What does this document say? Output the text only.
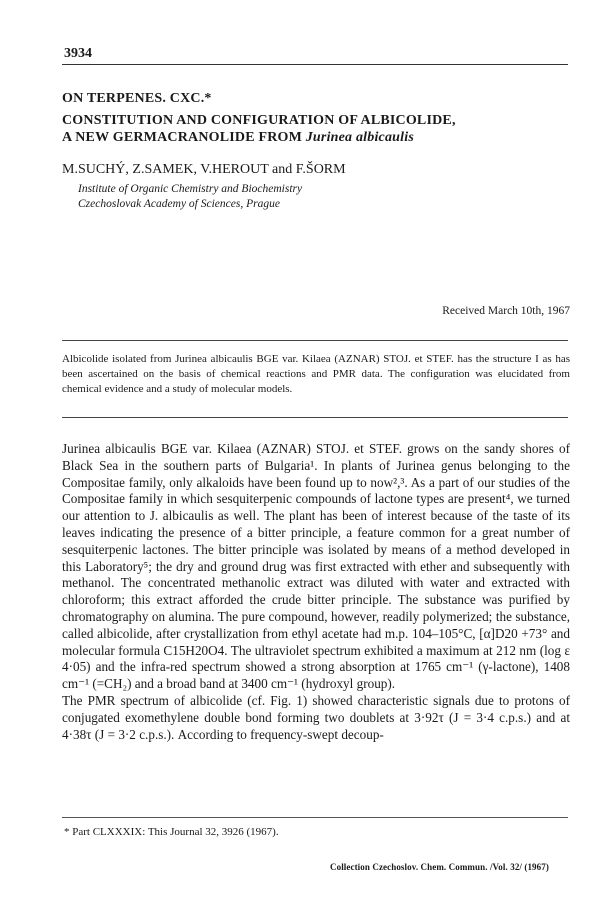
3934
ON TERPENES. CXC.*
CONSTITUTION AND CONFIGURATION OF ALBICOLIDE,
A NEW GERMACRANOLIDE FROM Jurinea albicaulis
M.SUCHÝ, Z.SAMEK, V.HEROUT and F.ŠORM
Institute of Organic Chemistry and Biochemistry
Czechoslovak Academy of Sciences, Prague
Received March 10th, 1967
Albicolide isolated from Jurinea albicaulis BGE var. Kilaea (AZNAR) STOJ. et STEF. has the structure I as has been ascertained on the basis of chemical reactions and PMR data. The configuration was elucidated from chemical evidence and a study of molecular models.

Jurinea albicaulis BGE var. Kilaea (AZNAR) STOJ. et STEF. grows on the sandy shores of Black Sea in the southern parts of Bulgaria¹. In plants of Jurinea genus belonging to the Compositae family, only alkaloids have been found up to now²,³. As a part of our studies of the Compositae family in which sesquiterpenic compounds of lactone types are present⁴, we turned our attention to J. albicaulis as well. The plant has been of interest because of the taste of its leaves indicating the presence of a bitter principle, a feature common for a great number of sesquiterpenic lactones. The bitter principle was isolated by means of a method developed in this Laboratory⁵; the dry and ground drug was first extracted with ether and subsequently with methanol. The concentrated methanolic extract was diluted with water and extracted with chloroform; this extract afforded the crude bitter principle. The substance was purified by chromatography on alumina. The pure compound, however, readily polymerized; the substance, called albicolide, after crystallization from ethyl acetate had m.p. 104–105°C, [α]D20 +73° and molecular formula C15H20O4. The ultraviolet spectrum exhibited a maximum at 212 nm (log ε 4·05) and the infra-red spectrum showed a strong absorption at 1765 cm⁻¹ (γ-lactone), 1408 cm⁻¹ (=CH₂) and a broad band at 3400 cm⁻¹ (hydroxyl group).

The PMR spectrum of albicolide (cf. Fig. 1) showed characteristic signals due to protons of conjugated exomethylene double bond forming two doublets at 3·92τ (J = 3·4 c.p.s.) and at 4·38τ (J = 3·2 c.p.s.). According to frequency-swept decoup-

* Part CLXXXIX: This Journal 32, 3926 (1967).
Collection Czechoslov. Chem. Commun. /Vol. 32/ (1967)
